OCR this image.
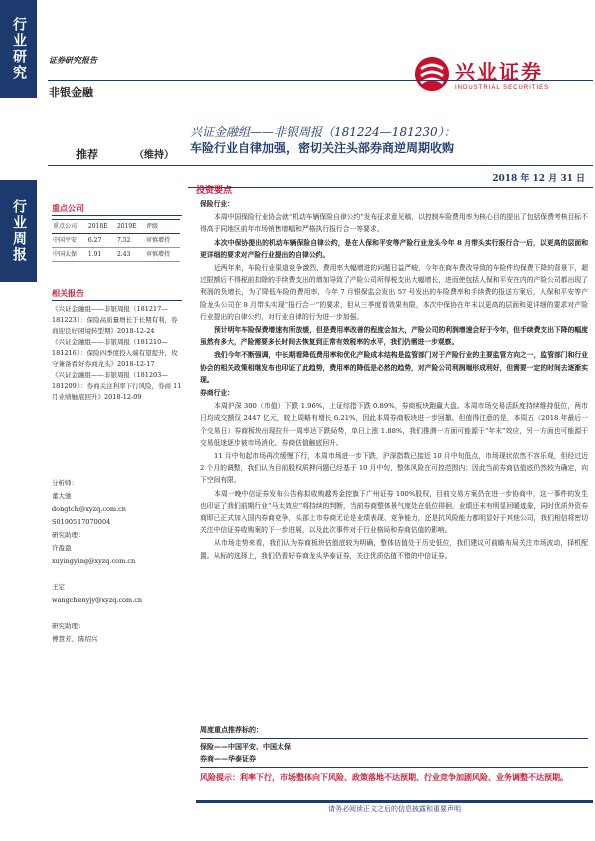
行业研究
行业周报
证券研究报告	兴业证券
INDUSTRIAL SECURITIES
非银金融
兴证金融组——非银周报（181224—181230）：
车险行业自律加强，密切关注头部券商逆周期收购
推荐	（维持）
2018 年 12 月 31 日
投资要点
重点公司
重点公司	2018E	2019E	评级
中国平安	6.27	7.52	审慎增持
中国太保	1.91	2.43	审慎增持
相关报告

《兴证金融组——非银周报（181217—181223）：保险高质量增长于长期有利，券商迎良好困境转型期》2018-12-24

《兴证金融组——非银周报（181210—181216）：保险四季度投入端有望提升，攻守兼备看好券商龙头》2018-12-17

《兴证金融组——非银周报（181203—181209）：券商关注利率下行风险，券商 11 月业绩触底回升》2018-12-09

分析师：

董大驰

dongtch@xyzq.com.cn

S0190517070004

研究助理：

许盈盈

xuyingying@xyzq.com.cn

王定

wangchenyjy@xyzq.com.cn

研究助理：

傅慧芳、陈绍兴

保险行业：

本周中国保险行业协会就“机动车辆保险自律公约”发布征求意见稿，以控制车险费用率为核心目的提出了包括保费考核目标不得高于同地区前年市场销售增幅和严格执行报行合一等要求。

本次中保协提出的机动车辆保险自律公约，是在人保和平安等产险行业龙头今年 8 月带头实行报行合一后，以更高的层面和更详细的要求对产险行业提出的自律公约。

近两年来，车险行业渠道竞争激烈、费用率大幅增进的问题日益严峻，今年在商车费改导致的车险件均保费下降的背景下，超过限额后不得税前扣除的手续费支出的增加导致了产险公司所得税支出大幅增长，进而使包括人保和平安在内的产险公司都出现了利润的负增长，为了降低车险的费用率，今年 7 月银保监会发出 57 号发出的车险费率和手续费的报送方案后，人保和平安等产险龙头公司在 8 月带头实现“报行合一”的要求，但从三季度看效果有限，本次中保协在年末以更高的层面和更详细的要求对产险行业提出的自律公约，对行业自律的行为进一步加强。

预计明年车险保费增速有所放缓，但是费用率改善的程度会加大，产险公司的利润增速会好于今年，但手续费支出下降的幅度虽然有多大，产险需要多长时间去恢复到正常有效税率的水平，我们仍需进一步观察。

我们今年不断强调，中长期看降低费用率和优化产险成本结构是监管部门对于产险行业的主要监管方向之一，监管部门和行业协会的相关政策相继发布也印证了此趋势，费用率的降低是必然的趋势，对产险公司利润端形成利好，但需要一定的时间去逐渐实现。

券商行业：

本周沪深 300（市值）下跌 1.96%，上证综指下跌 0.89%，券商板块跑赢大盘。本周市场交易活跃度持续维持低位，两市日均成交额仅 2447 亿元，较上周略有增长 6.21%，因此本周券商板块进一步回撤。但值得注意的是，本周五（2018 年最后一个交易日）券商板块出现拉升一周率达下跌局势，单日上涨 1.88%，我们推测一方面可能源于“年末”效应，另一方面也可能源于交易低迷逐步被市场消化，券商估值触底回升。

11 月中旬起市场再次缓慢下行，本周市场进一步下跌，沪深指数已接近 10 月中旬低点，市场现状依然不容乐观，但经过近 2 个月的调整，我们认为目前股权质押问题已经基于 10 月中旬，整体风险在可控范围内；因此当前券商估值底仍然较为确定，向下空间有限。

本周一晚中信证券发布公告称拟收购越秀金控旗下广州证券 100%股权，目前交易方案仍在进一步协商中，这一事件的发生也印证了我们前期行业“马太效应”将持续的判断，当前券商整体景气度处在低位徘徊，业绩还未有明显回暖迹象，同时优质外资券商即已正式加入国内券商竞争，头部上市券商无论是业绩表现、竞争能力，还是抗风险能力都明显好于其他公司，我们相信将密切关注中信证券收购案的下一步进展，以及此次事件对于行业格局和券商估值的影响。

从市场走势来看，我们认为券商板块估值底较为明确，整体估值处于历史低位，我们建议可前瞻布局关注市场波动，择机配置。从标的选择上，我们仍看好券商龙头华泰证券，关注优质估值不错的中信证券。

周度重点推荐标的：
保险——中国平安、中国太保
券商——华泰证券
风险提示：利率下行，市场整体向下风险、政策落地不达预期、行业竞争加剧风险、业务调整不达预期。
请务必阅读正文之后的信息披露和重要声明
